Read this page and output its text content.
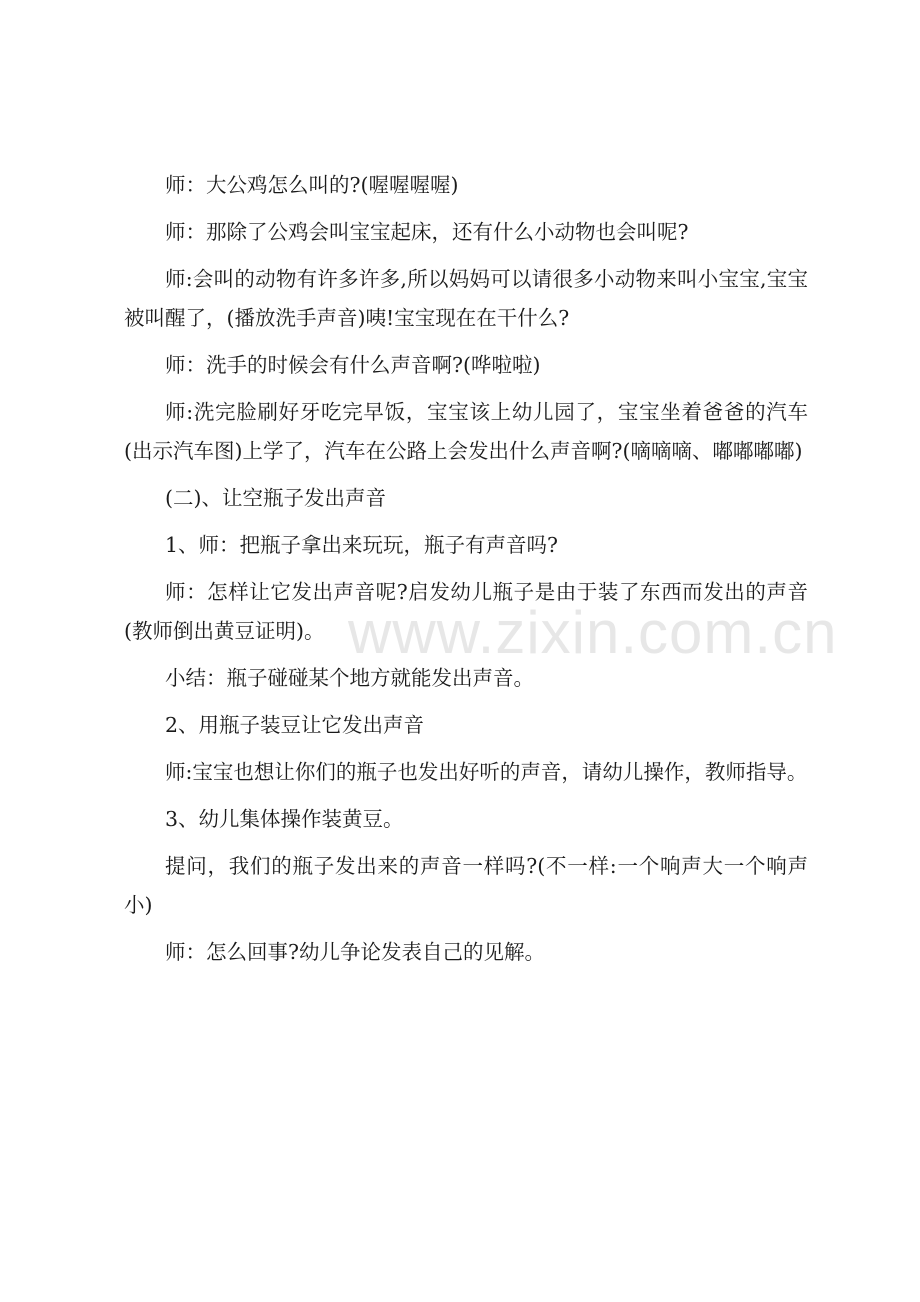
师：大公鸡怎么叫的?(喔喔喔喔)

师：那除了公鸡会叫宝宝起床，还有什么小动物也会叫呢?

师:会叫的动物有许多许多,所以妈妈可以请很多小动物来叫小宝宝,宝宝被叫醒了，(播放洗手声音)咦!宝宝现在在干什么?

师：洗手的时候会有什么声音啊?(哗啦啦)

师:洗完脸刷好牙吃完早饭，宝宝该上幼儿园了，宝宝坐着爸爸的汽车(出示汽车图)上学了，汽车在公路上会发出什么声音啊?(嘀嘀嘀、嘟嘟嘟嘟)

(二)、让空瓶子发出声音

1、师：把瓶子拿出来玩玩，瓶子有声音吗?

师：怎样让它发出声音呢?启发幼儿瓶子是由于装了东西而发出的声音(教师倒出黄豆证明)。

小结：瓶子碰碰某个地方就能发出声音。

2、用瓶子装豆让它发出声音

师:宝宝也想让你们的瓶子也发出好听的声音，请幼儿操作，教师指导。

3、幼儿集体操作装黄豆。

提问，我们的瓶子发出来的声音一样吗?(不一样:一个响声大一个响声小)

师：怎么回事?幼儿争论发表自己的见解。

www.zixin.com.cn
